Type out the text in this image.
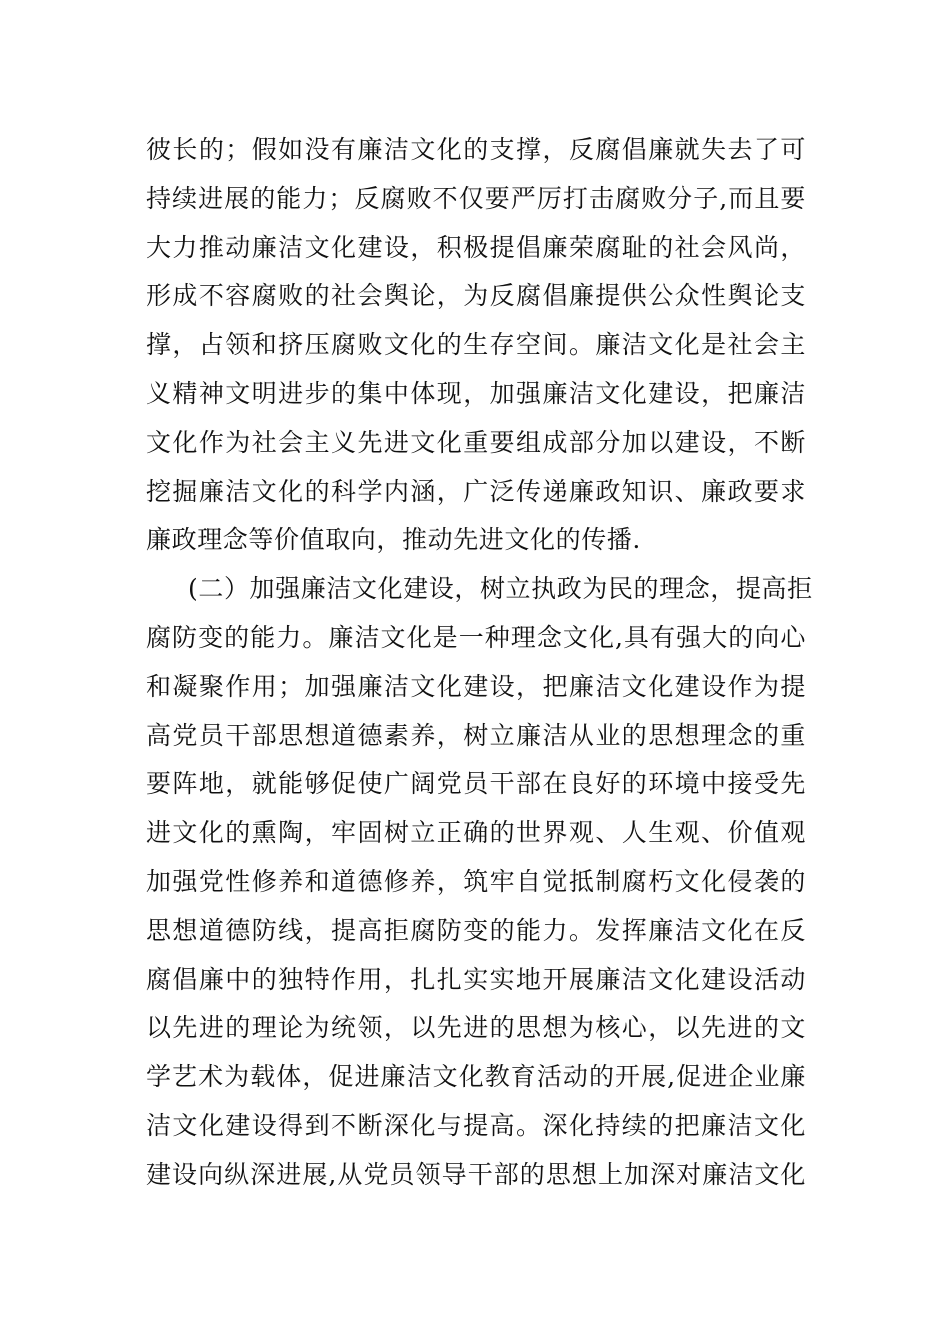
彼长的；假如没有廉洁文化的支撑，反腐倡廉就失去了可
持续进展的能力；反腐败不仅要严厉打击腐败分子,而且要
大力推动廉洁文化建设，积极提倡廉荣腐耻的社会风尚，
形成不容腐败的社会舆论，为反腐倡廉提供公众性舆论支
撑，占领和挤压腐败文化的生存空间。廉洁文化是社会主
义精神文明进步的集中体现，加强廉洁文化建设，把廉洁
文化作为社会主义先进文化重要组成部分加以建设，不断
挖掘廉洁文化的科学内涵，广泛传递廉政知识、廉政要求
廉政理念等价值取向，推动先进文化的传播.
(二）加强廉洁文化建设，树立执政为民的理念，提高拒
腐防变的能力。廉洁文化是一种理念文化,具有强大的向心
和凝聚作用；加强廉洁文化建设，把廉洁文化建设作为提
高党员干部思想道德素养，树立廉洁从业的思想理念的重
要阵地，就能够促使广阔党员干部在良好的环境中接受先
进文化的熏陶，牢固树立正确的世界观、人生观、价值观
加强党性修养和道德修养，筑牢自觉抵制腐朽文化侵袭的
思想道德防线，提高拒腐防变的能力。发挥廉洁文化在反
腐倡廉中的独特作用，扎扎实实地开展廉洁文化建设活动
以先进的理论为统领，以先进的思想为核心，以先进的文
学艺术为载体，促进廉洁文化教育活动的开展,促进企业廉
洁文化建设得到不断深化与提高。深化持续的把廉洁文化
建设向纵深进展,从党员领导干部的思想上加深对廉洁文化
